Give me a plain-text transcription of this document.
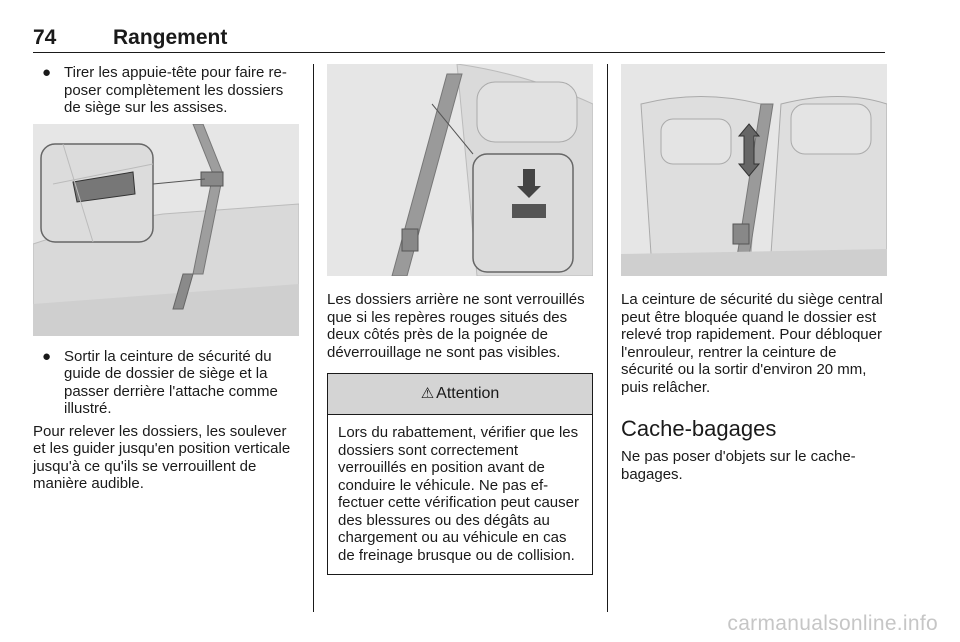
74	Rangement
● Tirer les appuie-tête pour faire reposer complètement les dossiers de siège sur les assises.
● Sortir la ceinture de sécurité du guide de dossier de siège et la passer derrière l'attache comme illustré.

Pour relever les dossiers, les soulever et les guider jusqu'en position verticale jusqu'à ce qu'ils se verrouillent de manière audible.

Les dossiers arrière ne sont verrouillés que si les repères rouges situés des deux côtés près de la poignée de déverrouillage ne sont pas visibles.

⚠ Attention
Lors du rabattement, vérifier que les dossiers sont correctement verrouillés en position avant de conduire le véhicule. Ne pas effectuer cette vérification peut causer des blessures ou des dégâts au chargement ou au véhicule en cas de freinage brusque ou de collision.

La ceinture de sécurité du siège central peut être bloquée quand le dossier est relevé trop rapidement. Pour débloquer l'enrouleur, rentrer la ceinture de sécurité ou la sortir d'environ 20 mm, puis relâcher.

Cache-bagages

Ne pas poser d'objets sur le cache-bagages.

carmanualsonline.info
